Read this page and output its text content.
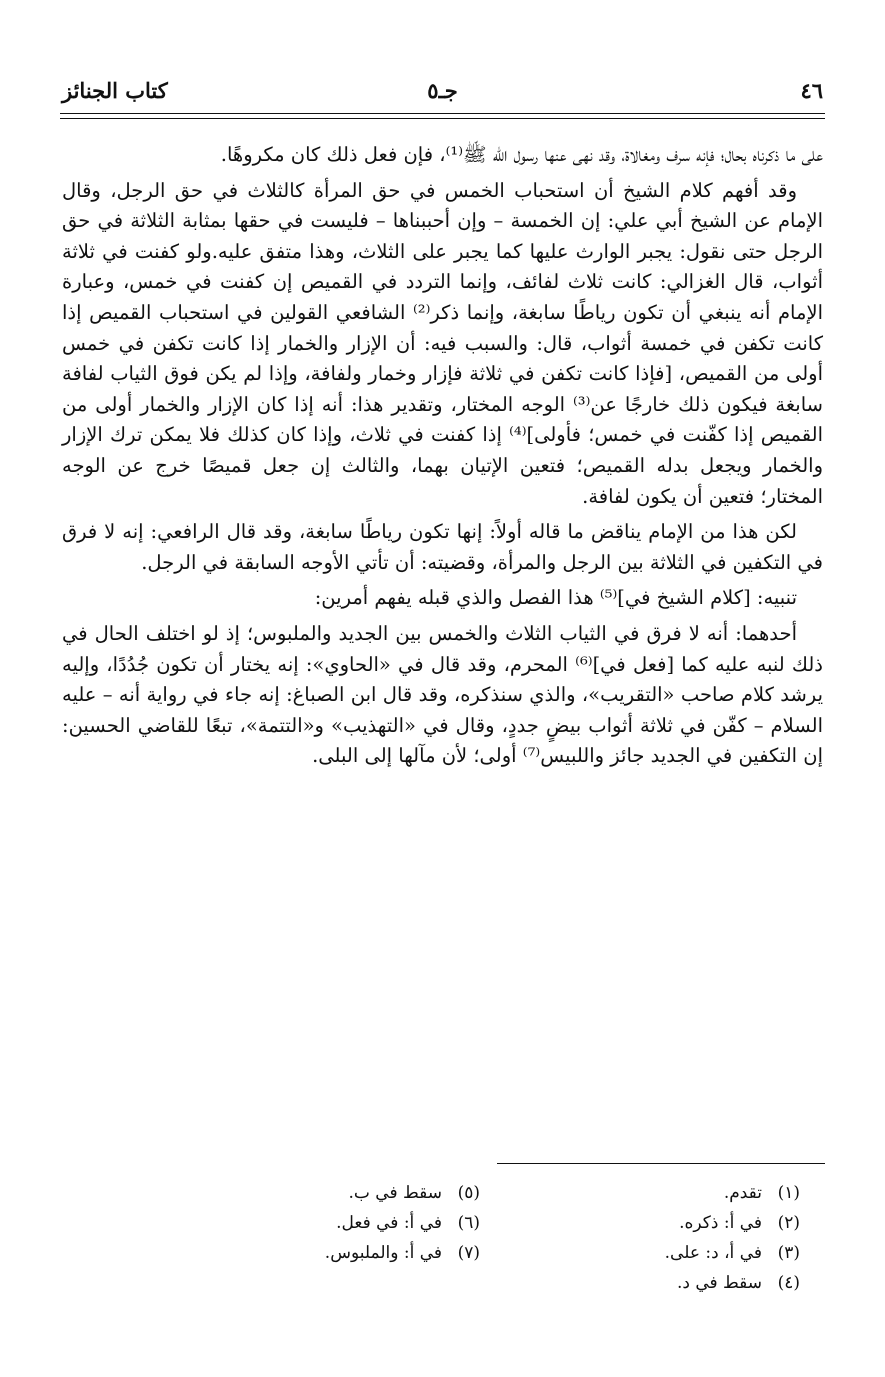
٤٦
جـ٥
كتاب الجنائز

على ما ذكرناه بحال؛ فإنه سرف ومغالاة، وقد نهى عنها رسول الله ﷺ⁽¹⁾، فإن فعل ذلك كان مكروهًا.

وقد أفهم كلام الشيخ أن استحباب الخمس في حق المرأة كالثلاث في حق الرجل، وقال الإمام عن الشيخ أبي علي: إن الخمسة – وإن أحببناها – فليست في حقها بمثابة الثلاثة في حق الرجل حتى نقول: يجبر الوارث عليها كما يجبر على الثلاث، وهذا متفق عليه.ولو كفنت في ثلاثة أثواب، قال الغزالي: كانت ثلاث لفائف، وإنما التردد في القميص إن كفنت في خمس، وعبارة الإمام أنه ينبغي أن تكون رياطًا سابغة، وإنما ذكر⁽²⁾ الشافعي القولين في استحباب القميص إذا كانت تكفن في خمسة أثواب، قال: والسبب فيه: أن الإزار والخمار إذا كانت تكفن في خمس أولى من القميص، [فإذا كانت تكفن في ثلاثة فإزار وخمار ولفافة، وإذا لم يكن فوق الثياب لفافة سابغة فيكون ذلك خارجًا عن⁽³⁾ الوجه المختار، وتقدير هذا: أنه إذا كان الإزار والخمار أولى من القميص إذا كفّنت في خمس؛ فأولى]⁽⁴⁾ إذا كفنت في ثلاث، وإذا كان كذلك فلا يمكن ترك الإزار والخمار ويجعل بدله القميص؛ فتعين الإتيان بهما، والثالث إن جعل قميصًا خرج عن الوجه المختار؛ فتعين أن يكون لفافة.

لكن هذا من الإمام يناقض ما قاله أولاً: إنها تكون رياطًا سابغة، وقد قال الرافعي: إنه لا فرق في التكفين في الثلاثة بين الرجل والمرأة، وقضيته: أن تأتي الأوجه السابقة في الرجل.

تنبيه: [كلام الشيخ في]⁽⁵⁾ هذا الفصل والذي قبله يفهم أمرين:

أحدهما: أنه لا فرق في الثياب الثلاث والخمس بين الجديد والملبوس؛ إذ لو اختلف الحال في ذلك لنبه عليه كما [فعل في]⁽⁶⁾ المحرم، وقد قال في «الحاوي»: إنه يختار أن تكون جُدُدًا، وإليه يرشد كلام صاحب «التقريب»، والذي سنذكره، وقد قال ابن الصباغ: إنه جاء في رواية أنه – عليه السلام – كفّن في ثلاثة أثواب بيضٍ جددٍ، وقال في «التهذيب» و«التتمة»، تبعًا للقاضي الحسين: إن التكفين في الجديد جائز واللبيس⁽⁷⁾ أولى؛ لأن مآلها إلى البلى.

(١)تقدم.
(٢)في أ: ذكره.
(٣)في أ، د: على.
(٤)سقط في د.
(٥)سقط في ب.
(٦)في أ: في فعل.
(٧)في أ: والملبوس.
